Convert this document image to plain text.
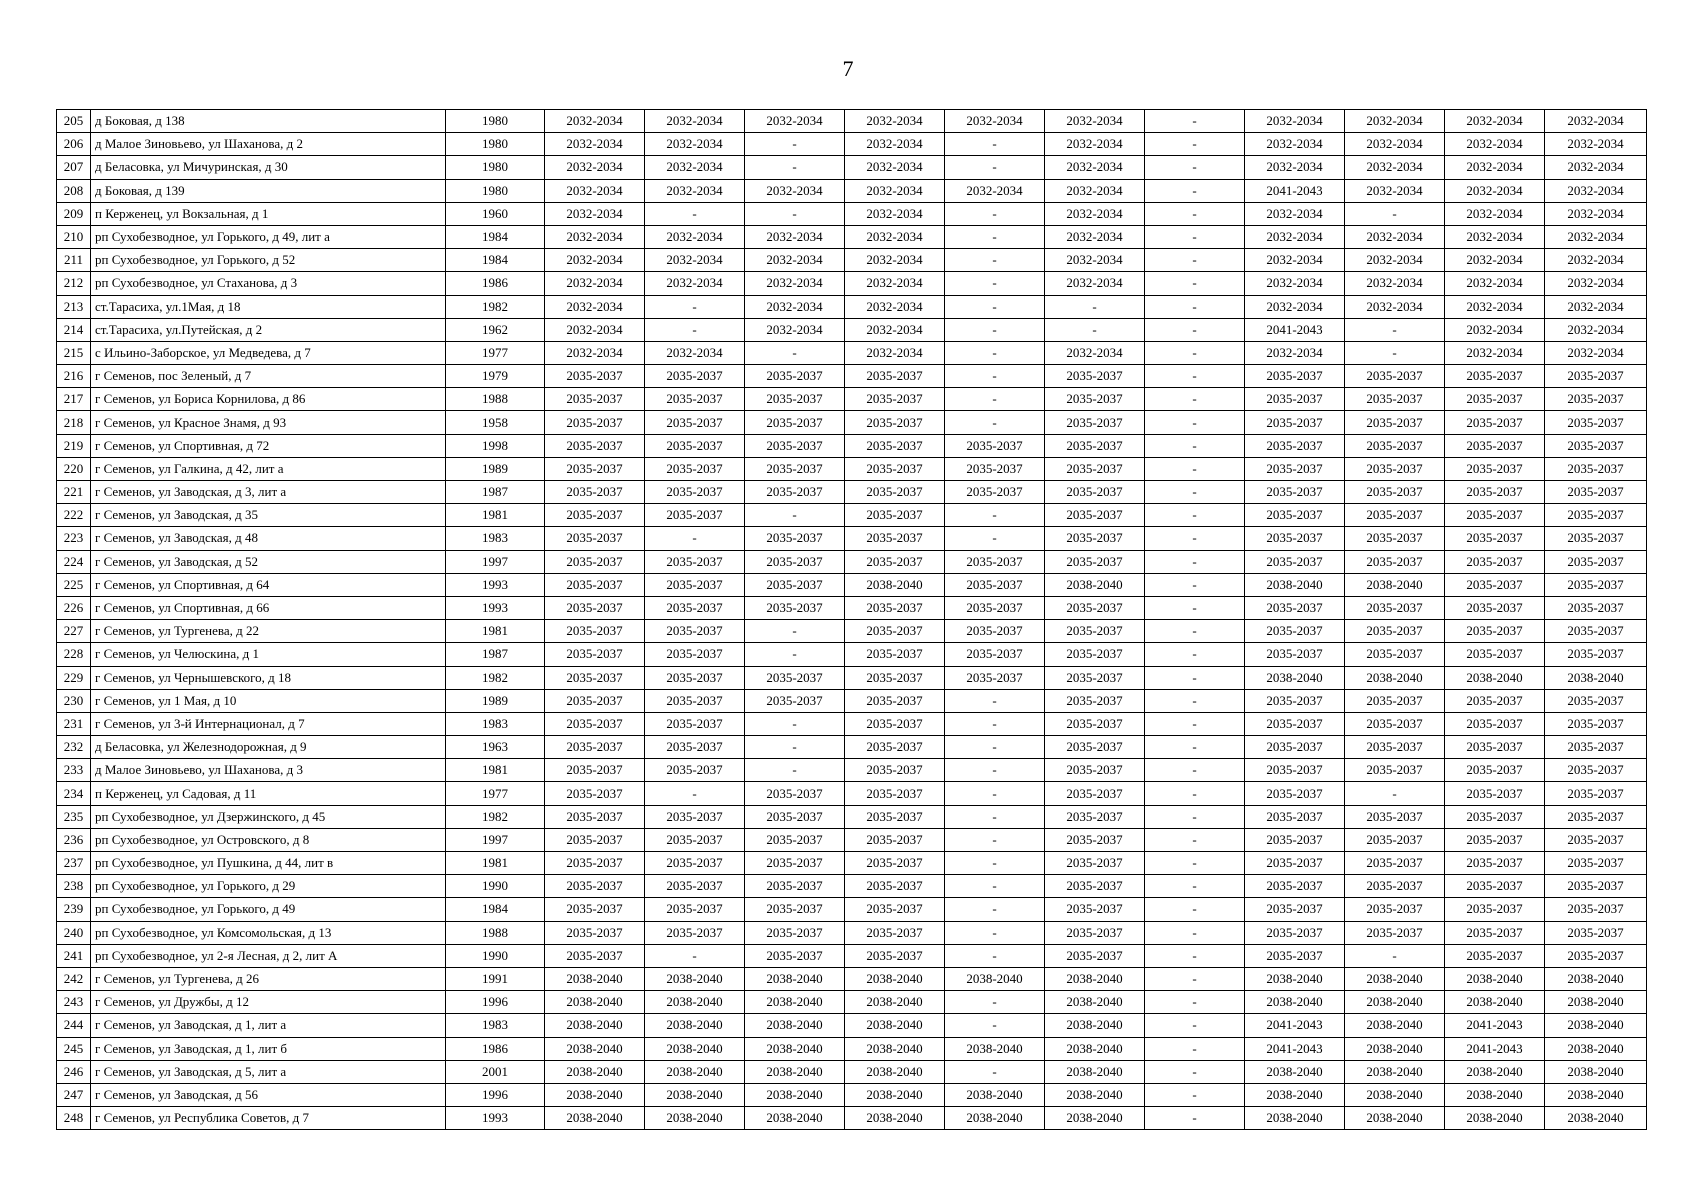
7
205	д Боковая, д 138	1980	2032-2034	2032-2034	2032-2034	2032-2034	2032-2034	2032-2034	-	2032-2034	2032-2034	2032-2034	2032-2034
206	д Малое Зиновьево, ул Шаханова, д 2	1980	2032-2034	2032-2034	-	2032-2034	-	2032-2034	-	2032-2034	2032-2034	2032-2034	2032-2034
207	д Беласовка, ул Мичуринская, д 30	1980	2032-2034	2032-2034	-	2032-2034	-	2032-2034	-	2032-2034	2032-2034	2032-2034	2032-2034
208	д Боковая, д 139	1980	2032-2034	2032-2034	2032-2034	2032-2034	2032-2034	2032-2034	-	2041-2043	2032-2034	2032-2034	2032-2034
209	п Керженец, ул Вокзальная, д 1	1960	2032-2034	-	-	2032-2034	-	2032-2034	-	2032-2034	-	2032-2034	2032-2034
210	рп Сухобезводное, ул Горького, д 49, лит а	1984	2032-2034	2032-2034	2032-2034	2032-2034	-	2032-2034	-	2032-2034	2032-2034	2032-2034	2032-2034
211	рп Сухобезводное, ул Горького, д 52	1984	2032-2034	2032-2034	2032-2034	2032-2034	-	2032-2034	-	2032-2034	2032-2034	2032-2034	2032-2034
212	рп Сухобезводное, ул Стаханова, д 3	1986	2032-2034	2032-2034	2032-2034	2032-2034	-	2032-2034	-	2032-2034	2032-2034	2032-2034	2032-2034
213	ст.Тарасиха, ул.1Мая, д 18	1982	2032-2034	-	2032-2034	2032-2034	-	-	-	2032-2034	2032-2034	2032-2034	2032-2034
214	ст.Тарасиха, ул.Путейская, д 2	1962	2032-2034	-	2032-2034	2032-2034	-	-	-	2041-2043	-	2032-2034	2032-2034
215	с Ильино-Заборское, ул Медведева, д 7	1977	2032-2034	2032-2034	-	2032-2034	-	2032-2034	-	2032-2034	-	2032-2034	2032-2034
216	г Семенов, пос Зеленый, д 7	1979	2035-2037	2035-2037	2035-2037	2035-2037	-	2035-2037	-	2035-2037	2035-2037	2035-2037	2035-2037
217	г Семенов, ул Бориса Корнилова, д 86	1988	2035-2037	2035-2037	2035-2037	2035-2037	-	2035-2037	-	2035-2037	2035-2037	2035-2037	2035-2037
218	г Семенов, ул Красное Знамя, д 93	1958	2035-2037	2035-2037	2035-2037	2035-2037	-	2035-2037	-	2035-2037	2035-2037	2035-2037	2035-2037
219	г Семенов, ул Спортивная, д 72	1998	2035-2037	2035-2037	2035-2037	2035-2037	2035-2037	2035-2037	-	2035-2037	2035-2037	2035-2037	2035-2037
220	г Семенов, ул Галкина, д 42, лит а	1989	2035-2037	2035-2037	2035-2037	2035-2037	2035-2037	2035-2037	-	2035-2037	2035-2037	2035-2037	2035-2037
221	г Семенов, ул Заводская, д 3, лит а	1987	2035-2037	2035-2037	2035-2037	2035-2037	2035-2037	2035-2037	-	2035-2037	2035-2037	2035-2037	2035-2037
222	г Семенов, ул Заводская, д 35	1981	2035-2037	2035-2037	-	2035-2037	-	2035-2037	-	2035-2037	2035-2037	2035-2037	2035-2037
223	г Семенов, ул Заводская, д 48	1983	2035-2037	-	2035-2037	2035-2037	-	2035-2037	-	2035-2037	2035-2037	2035-2037	2035-2037
224	г Семенов, ул Заводская, д 52	1997	2035-2037	2035-2037	2035-2037	2035-2037	2035-2037	2035-2037	-	2035-2037	2035-2037	2035-2037	2035-2037
225	г Семенов, ул Спортивная, д 64	1993	2035-2037	2035-2037	2035-2037	2038-2040	2035-2037	2038-2040	-	2038-2040	2038-2040	2035-2037	2035-2037
226	г Семенов, ул Спортивная, д 66	1993	2035-2037	2035-2037	2035-2037	2035-2037	2035-2037	2035-2037	-	2035-2037	2035-2037	2035-2037	2035-2037
227	г Семенов, ул Тургенева, д 22	1981	2035-2037	2035-2037	-	2035-2037	2035-2037	2035-2037	-	2035-2037	2035-2037	2035-2037	2035-2037
228	г Семенов, ул Челюскина, д 1	1987	2035-2037	2035-2037	-	2035-2037	2035-2037	2035-2037	-	2035-2037	2035-2037	2035-2037	2035-2037
229	г Семенов, ул Чернышевского, д 18	1982	2035-2037	2035-2037	2035-2037	2035-2037	2035-2037	2035-2037	-	2038-2040	2038-2040	2038-2040	2038-2040
230	г Семенов, ул 1 Мая, д 10	1989	2035-2037	2035-2037	2035-2037	2035-2037	-	2035-2037	-	2035-2037	2035-2037	2035-2037	2035-2037
231	г Семенов, ул 3-й Интернационал, д 7	1983	2035-2037	2035-2037	-	2035-2037	-	2035-2037	-	2035-2037	2035-2037	2035-2037	2035-2037
232	д Беласовка, ул Железнодорожная, д 9	1963	2035-2037	2035-2037	-	2035-2037	-	2035-2037	-	2035-2037	2035-2037	2035-2037	2035-2037
233	д Малое Зиновьево, ул Шаханова, д 3	1981	2035-2037	2035-2037	-	2035-2037	-	2035-2037	-	2035-2037	2035-2037	2035-2037	2035-2037
234	п Керженец, ул Садовая, д 11	1977	2035-2037	-	2035-2037	2035-2037	-	2035-2037	-	2035-2037	-	2035-2037	2035-2037
235	рп Сухобезводное, ул Дзержинского, д 45	1982	2035-2037	2035-2037	2035-2037	2035-2037	-	2035-2037	-	2035-2037	2035-2037	2035-2037	2035-2037
236	рп Сухобезводное, ул Островского, д 8	1997	2035-2037	2035-2037	2035-2037	2035-2037	-	2035-2037	-	2035-2037	2035-2037	2035-2037	2035-2037
237	рп Сухобезводное, ул Пушкина, д 44, лит в	1981	2035-2037	2035-2037	2035-2037	2035-2037	-	2035-2037	-	2035-2037	2035-2037	2035-2037	2035-2037
238	рп Сухобезводное, ул Горького, д 29	1990	2035-2037	2035-2037	2035-2037	2035-2037	-	2035-2037	-	2035-2037	2035-2037	2035-2037	2035-2037
239	рп Сухобезводное, ул Горького, д 49	1984	2035-2037	2035-2037	2035-2037	2035-2037	-	2035-2037	-	2035-2037	2035-2037	2035-2037	2035-2037
240	рп Сухобезводное, ул Комсомольская, д 13	1988	2035-2037	2035-2037	2035-2037	2035-2037	-	2035-2037	-	2035-2037	2035-2037	2035-2037	2035-2037
241	рп Сухобезводное, ул 2-я Лесная, д 2, лит А	1990	2035-2037	-	2035-2037	2035-2037	-	2035-2037	-	2035-2037	-	2035-2037	2035-2037
242	г Семенов, ул Тургенева, д 26	1991	2038-2040	2038-2040	2038-2040	2038-2040	2038-2040	2038-2040	-	2038-2040	2038-2040	2038-2040	2038-2040
243	г Семенов, ул Дружбы, д 12	1996	2038-2040	2038-2040	2038-2040	2038-2040	-	2038-2040	-	2038-2040	2038-2040	2038-2040	2038-2040
244	г Семенов, ул Заводская, д 1, лит а	1983	2038-2040	2038-2040	2038-2040	2038-2040	-	2038-2040	-	2041-2043	2038-2040	2041-2043	2038-2040
245	г Семенов, ул Заводская, д 1, лит б	1986	2038-2040	2038-2040	2038-2040	2038-2040	2038-2040	2038-2040	-	2041-2043	2038-2040	2041-2043	2038-2040
246	г Семенов, ул Заводская, д 5, лит а	2001	2038-2040	2038-2040	2038-2040	2038-2040	-	2038-2040	-	2038-2040	2038-2040	2038-2040	2038-2040
247	г Семенов, ул Заводская, д 56	1996	2038-2040	2038-2040	2038-2040	2038-2040	2038-2040	2038-2040	-	2038-2040	2038-2040	2038-2040	2038-2040
248	г Семенов, ул Республика Советов, д 7	1993	2038-2040	2038-2040	2038-2040	2038-2040	2038-2040	2038-2040	-	2038-2040	2038-2040	2038-2040	2038-2040
